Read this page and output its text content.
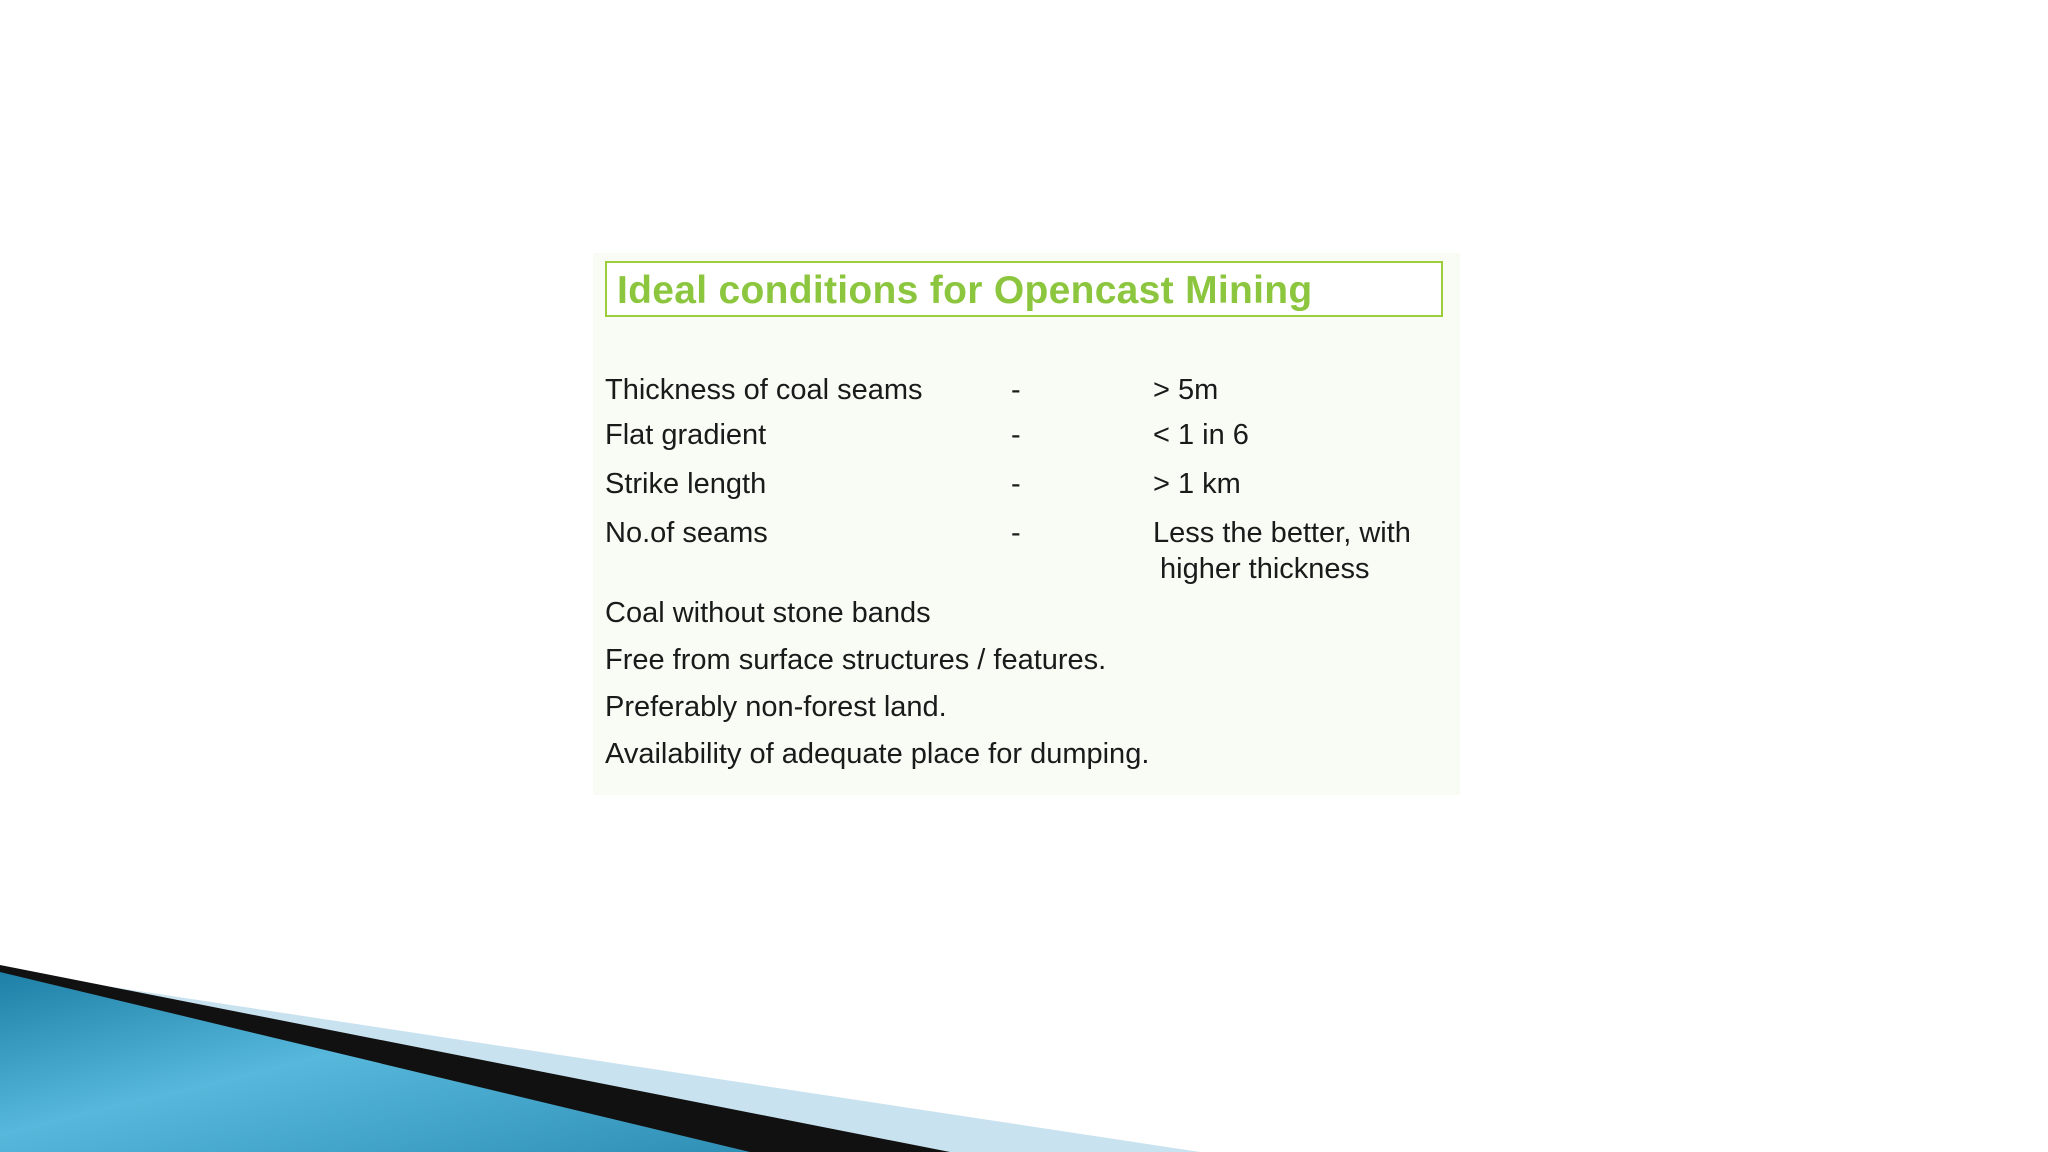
Ideal conditions for Opencast Mining
Thickness of coal seams	-	> 5m
Flat gradient	-	< 1 in 6
Strike length	-	> 1 km
No.of seams	-	Less the better, with
higher thickness
Coal without stone bands
Free from surface structures / features.
Preferably non-forest land.
Availability of adequate place for dumping.
